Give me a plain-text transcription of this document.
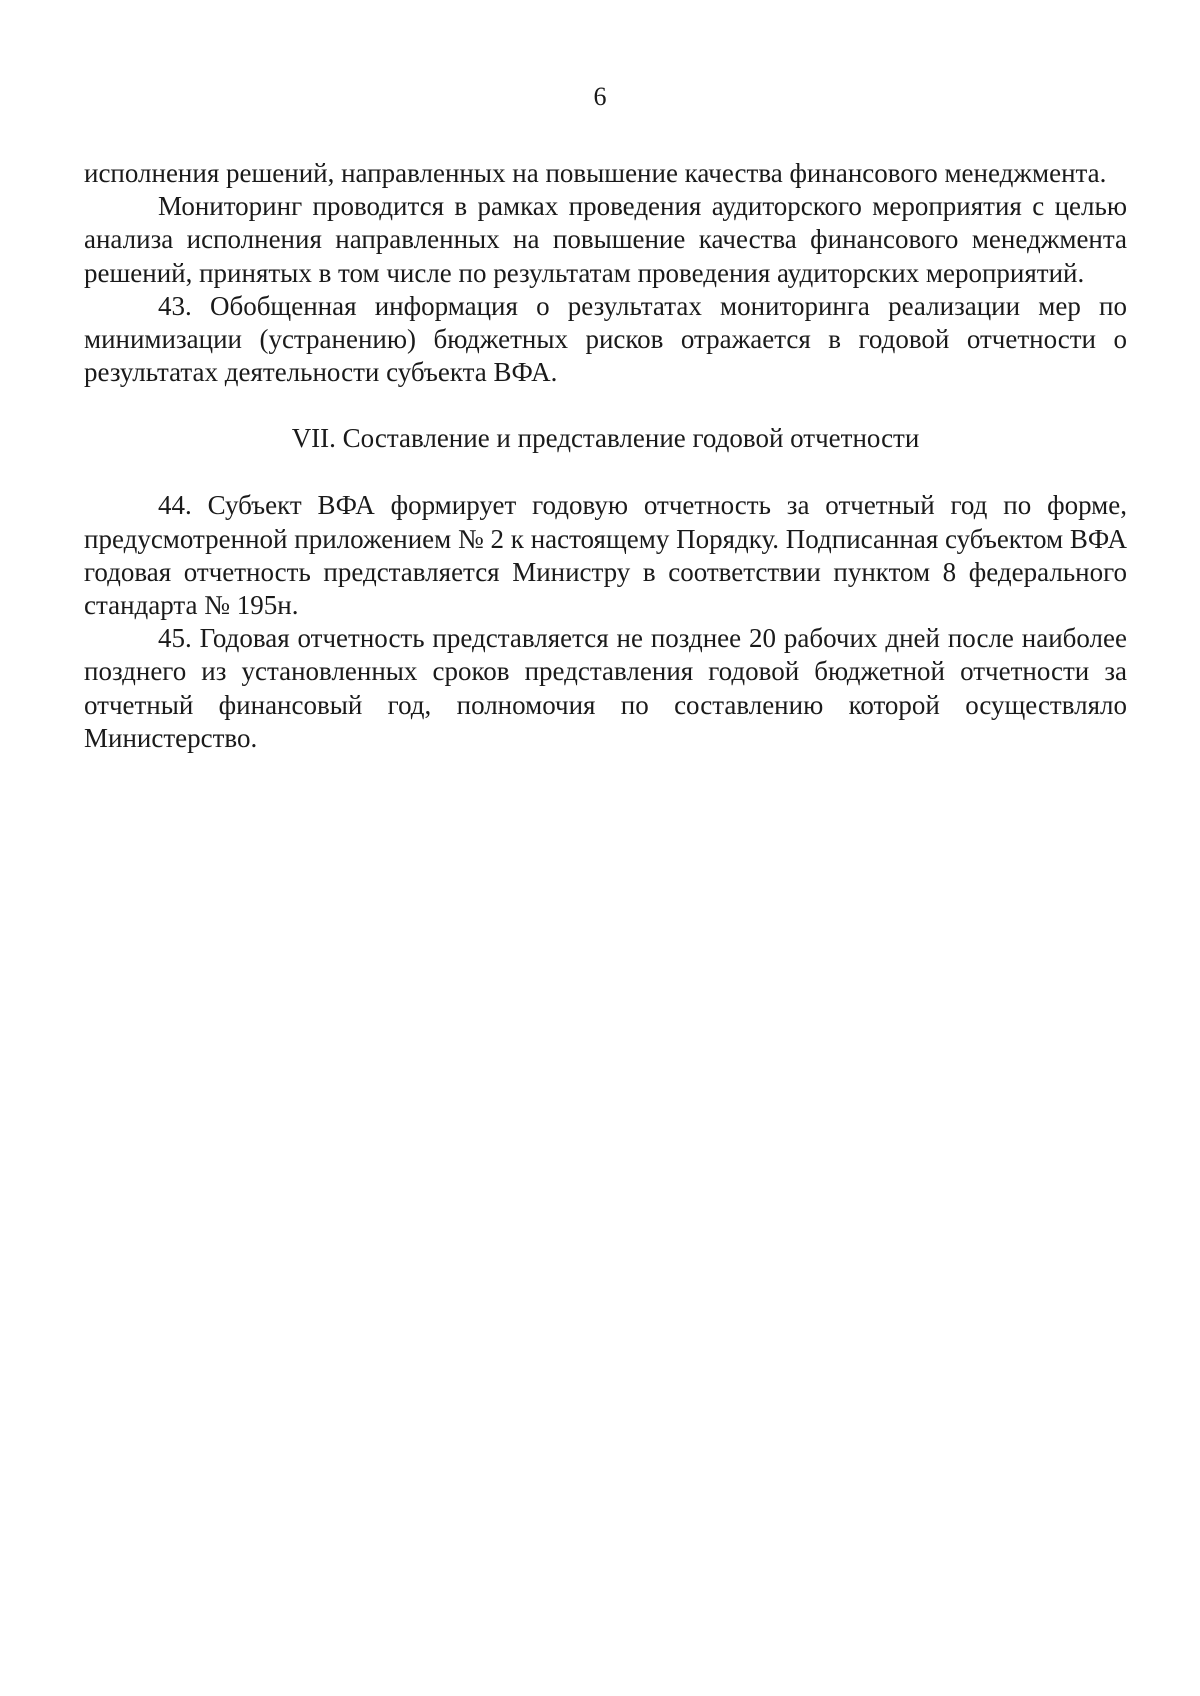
6

исполнения решений, направленных на повышение качества финансового менеджмента.

Мониторинг проводится в рамках проведения аудиторского мероприятия с целью анализа исполнения направленных на повышение качества финансового менеджмента решений, принятых в том числе по результатам проведения аудиторских мероприятий.

43. Обобщенная информация о результатах мониторинга реализации мер по минимизации (устранению) бюджетных рисков отражается в годовой отчетности о результатах деятельности субъекта ВФА.

VII. Составление и представление годовой отчетности

44. Субъект ВФА формирует годовую отчетность за отчетный год по форме, предусмотренной приложением № 2 к настоящему Порядку. Подписанная субъектом ВФА годовая отчетность представляется Министру в соответствии пунктом 8 федерального стандарта № 195н.

45. Годовая отчетность представляется не позднее 20 рабочих дней после наиболее позднего из установленных сроков представления годовой бюджетной отчетности за отчетный финансовый год, полномочия по составлению которой осуществляло Министерство.
